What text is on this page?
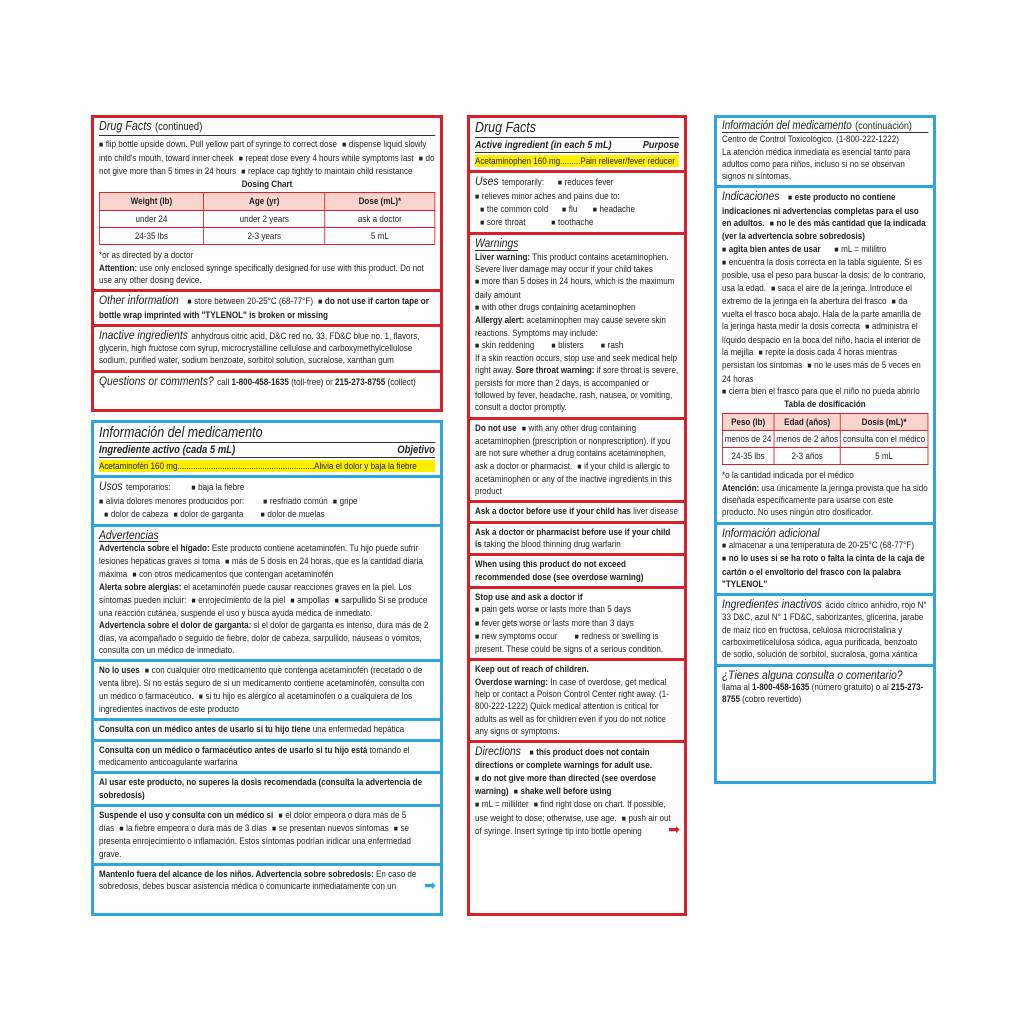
Drug Facts (continued)
■ flip bottle upside down. Pull yellow part of syringe to correct dose ■ dispense liquid slowly into child's mouth, toward inner cheek ■ repeat dose every 4 hours while symptoms last ■ do not give more than 5 times in 24 hours ■ replace cap tightly to maintain child resistance
Dosing Chart
Weight (lb)	Age (yr)	Dose (mL)*
under 24	under 2 years	ask a doctor
24-35 lbs	2-3 years	5 mL
*or as directed by a doctor
Attention: use only enclosed syringe specifically designed for use with this product. Do not use any other dosing device.
Other information ■ store between 20-25°C (68-77°F) ■ do not use if carton tape or bottle wrap imprinted with "TYLENOL" is broken or missing
Inactive ingredients anhydrous citric acid, D&C red no. 33, FD&C blue no. 1, flavors, glycerin, high fructose corn syrup, microcrystalline cellulose and carboxymethylcellulose sodium, purified water, sodium benzoate, sorbitol solution, sucralose, xanthan gum
Questions or comments? call 1-800-458-1635 (toll-free) or 215-273-8755 (collect)
Información del medicamento
Ingrediente activo (cada 5 mL)	Objetivo
Acetaminofén 160 mg.............................................................Alivia el dolor y baja la fiebre
Usos temporarios:	■ baja la fiebre
■ alivia dolores menores producidos por:	■ resfriado común ■ gripe
■ dolor de cabeza ■ dolor de garganta	■ dolor de muelas
Advertencias
Advertencia sobre el hígado: Este producto contiene acetaminofén. Tu hijo puede sufrir lesiones hepáticas graves si toma ■ más de 5 dosis en 24 horas, que es la cantidad diaria máxima ■ con otros medicamentos que contengan acetaminofén
Alerta sobre alergias: el acetaminofén puede causar reacciones graves en la piel. Los síntomas pueden incluir: ■ enrojecimiento de la piel ■ ampollas ■ sarpullido Si se produce una reacción cutánea, suspende el uso y busca ayuda médica de inmediato.
Advertencia sobre el dolor de garganta: si el dolor de garganta es intenso, dura más de 2 días, va acompañado o seguido de fiebre, dolor de cabeza, sarpullido, náuseas o vómitos, consulta con un médico de inmediato.
No lo uses ■ con cualquier otro medicamento que contenga acetaminofén (recetado o de venta libre). Si no estás seguro de si un medicamento contiene acetaminofén, consulta con un médico o farmacéutico. ■ si tu hijo es alérgico al acetaminofén o a cualquiera de los ingredientes inactivos de este producto
Consulta con un médico antes de usarlo si tu hijo tiene una enfermedad hepática
Consulta con un médico o farmacéutico antes de usarlo si tu hijo está tomando el medicamento anticoagulante warfarina
Al usar este producto, no superes la dosis recomendada (consulta la advertencia de sobredosis)
Suspende el uso y consulta con un médico si ■ el dolor empeora o dura más de 5 días ■ la fiebre empeora o dura más de 3 días ■ se presentan nuevos síntomas ■ se presenta enrojecimiento o inflamación. Estos síntomas podrían indicar una enfermedad grave.
Mantenlo fuera del alcance de los niños. Advertencia sobre sobredosis: En caso de sobredosis, debes buscar asistencia médica o comunicarte inmediatamente con un	➡
Drug Facts
Active ingredient (in each 5 mL)	Purpose
Acetaminophen 160 mg.........Pain reliever/fever reducer
Uses temporarily: ■ reduces fever
■ relieves minor aches and pains due to:
■ the common cold ■ flu ■ headache
■ sore throat	■ toothache
Warnings
Liver warning: This product contains acetaminophen. Severe liver damage may occur if your child takes
■ more than 5 doses in 24 hours, which is the maximum daily amount
■ with other drugs containing acetaminophen
Allergy alert: acetaminophen may cause severe skin reactions. Symptoms may include:
■ skin reddening	■ blisters	■ rash
If a skin reaction occurs, stop use and seek medical help right away. Sore throat warning: if sore throat is severe, persists for more than 2 days, is accompanied or followed by fever, headache, rash, nausea, or vomiting, consult a doctor promptly.
Do not use ■ with any other drug containing acetaminophen (prescription or nonprescription). If you are not sure whether a drug contains acetaminophen, ask a doctor or pharmacist. ■ if your child is allergic to acetaminophen or any of the inactive ingredients in this product
Ask a doctor before use if your child has liver disease
Ask a doctor or pharmacist before use if your child is taking the blood thinning drug warfarin
When using this product do not exceed recommended dose (see overdose warning)
Stop use and ask a doctor if
■ pain gets worse or lasts more than 5 days
■ fever gets worse or lasts more than 3 days
■ new symptoms occur	■ redness or swelling is present. These could be signs of a serious condition.
Keep out of reach of children.
Overdose warning: In case of overdose, get medical help or contact a Poison Control Center right away. (1-800-222-1222) Quick medical attention is critical for adults as well as for children even if you do not notice any signs or symptoms.
Directions ■ this product does not contain directions or complete warnings for adult use.
■ do not give more than directed (see overdose warning) ■ shake well before using
■ mL = milliliter ■ find right dose on chart. If possible, use weight to dose; otherwise, use age. ■ push air out of syringe. Insert syringe tip into bottle opening	➡
Información del medicamento (continuación)
Centro de Control Toxicológico. (1-800-222-1222)
La atención médica inmediata es esencial tanto para adultos como para niños, incluso si no se observan signos ni síntomas.
Indicaciones ■ este producto no contiene indicaciones ni advertencias completas para el uso en adultos. ■ no le des más cantidad que la indicada (ver la advertencia sobre sobredosis)
■ agita bien antes de usar ■ mL = mililitro
■ encuentra la dosis correcta en la tabla siguiente. Si es posible, usa el peso para buscar la dosis; de lo contrario, usa la edad. ■ saca el aire de la jeringa. Introduce el extremo de la jeringa en la abertura del frasco ■ da vuelta el frasco boca abajo. Hala de la parte amarilla de la jeringa hasta medir la dosis correcta ■ administra el líquido despacio en la boca del niño, hacia el interior de la mejilla ■ repite la dosis cada 4 horas mientras persistan los síntomas ■ no le uses más de 5 veces en 24 horas
■ cierra bien el frasco para que el niño no pueda abrirlo
Tabla de dosificación
Peso (lb)	Edad (años)	Dosis (mL)*
menos de 24	menos de 2 años	consulta con el médico
24-35 lbs	2-3 años	5 mL
*o la cantidad indicada por el médico
Atención: usa únicamente la jeringa provista que ha sido diseñada específicamente para usarse con este producto. No uses ningún otro dosificador.
Información adicional
■ almacenar a una temperatura de 20-25°C (68-77°F)
■ no lo uses si se ha roto o falta la cinta de la caja de cartón o el envoltorio del frasco con la palabra "TYLENOL"
Ingredientes inactivos ácido cítrico anhidro, rojo N° 33 D&C, azul N° 1 FD&C, saborizantes, glicerina, jarabe de maíz rico en fructosa, celulosa microcristalina y carboximetilcelulosa sódica, agua purificada, benzoato de sodio, solución de sorbitol, sucralosa, goma xántica
¿Tienes alguna consulta o comentario?
llama al 1-800-458-1635 (número gratuito) o al 215-273-8755 (cobro revertido)
